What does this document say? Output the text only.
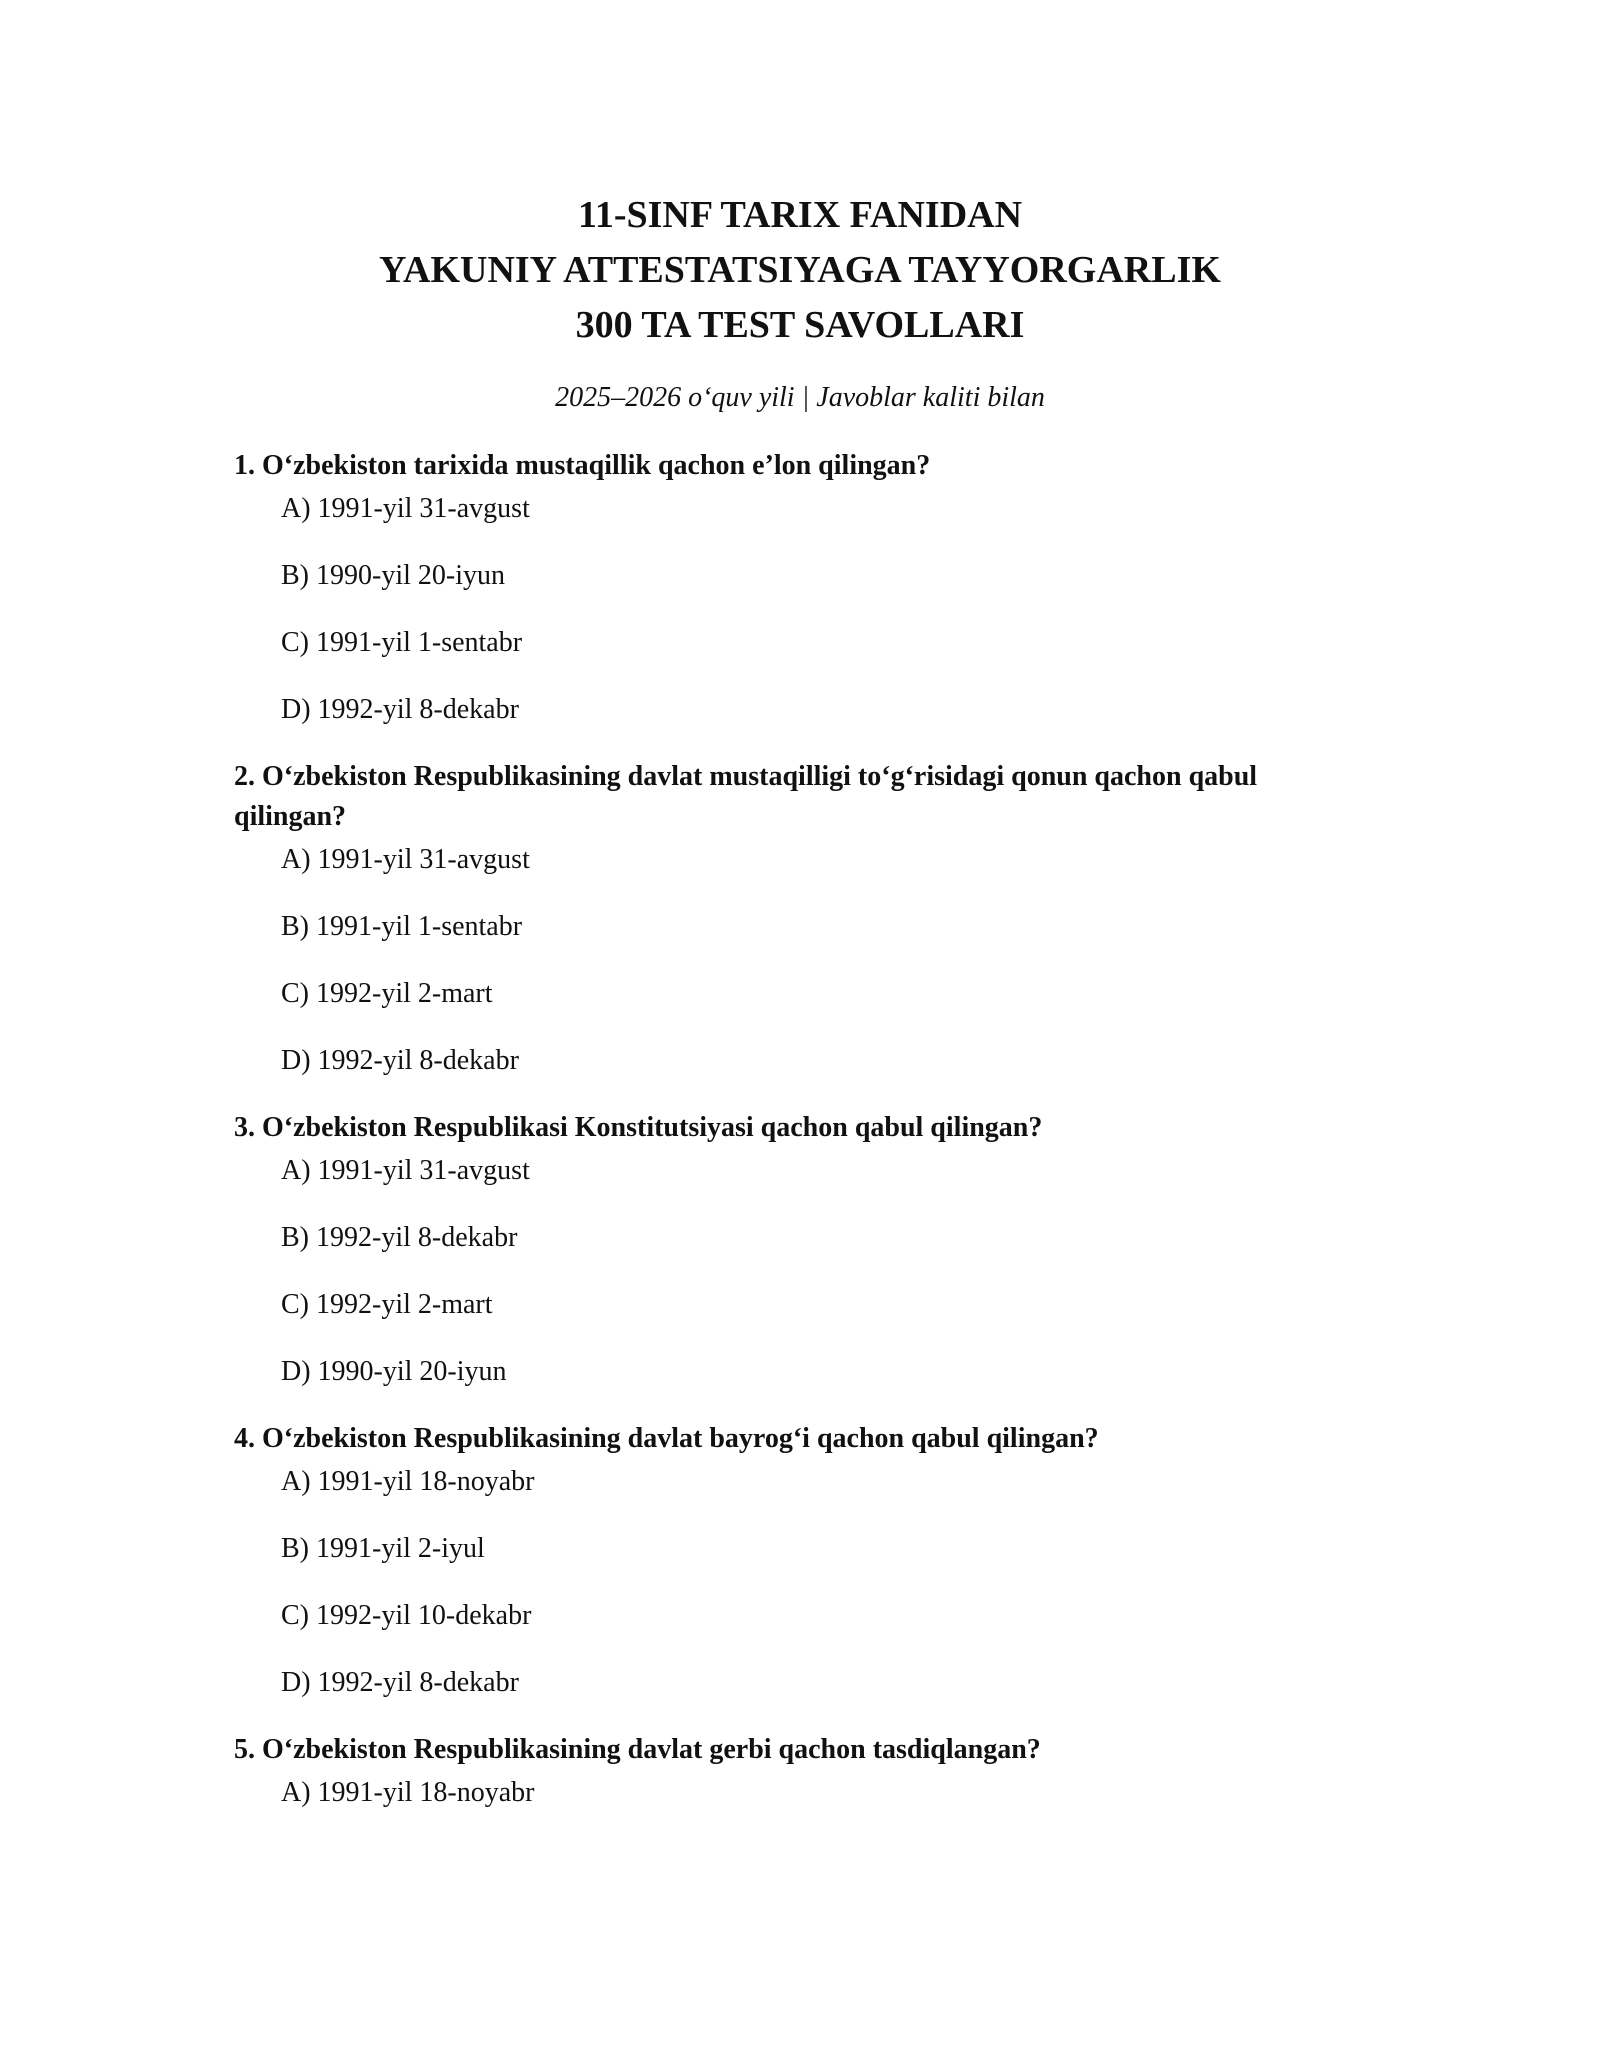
11-SINF TARIX FANIDAN

YAKUNIY ATTESTATSIYAGA TAYYORGARLIK

300 TA TEST SAVOLLARI

2025–2026 o‘quv yili | Javoblar kaliti bilan

1. O‘zbekiston tarixida mustaqillik qachon e’lon qilingan?

A) 1991-yil 31-avgust

B) 1990-yil 20-iyun

C) 1991-yil 1-sentabr

D) 1992-yil 8-dekabr

2. O‘zbekiston Respublikasining davlat mustaqilligi to‘g‘risidagi qonun qachon qabul qilingan?

A) 1991-yil 31-avgust

B) 1991-yil 1-sentabr

C) 1992-yil 2-mart

D) 1992-yil 8-dekabr

3. O‘zbekiston Respublikasi Konstitutsiyasi qachon qabul qilingan?

A) 1991-yil 31-avgust

B) 1992-yil 8-dekabr

C) 1992-yil 2-mart

D) 1990-yil 20-iyun

4. O‘zbekiston Respublikasining davlat bayrog‘i qachon qabul qilingan?

A) 1991-yil 18-noyabr

B) 1991-yil 2-iyul

C) 1992-yil 10-dekabr

D) 1992-yil 8-dekabr

5. O‘zbekiston Respublikasining davlat gerbi qachon tasdiqlangan?

A) 1991-yil 18-noyabr
